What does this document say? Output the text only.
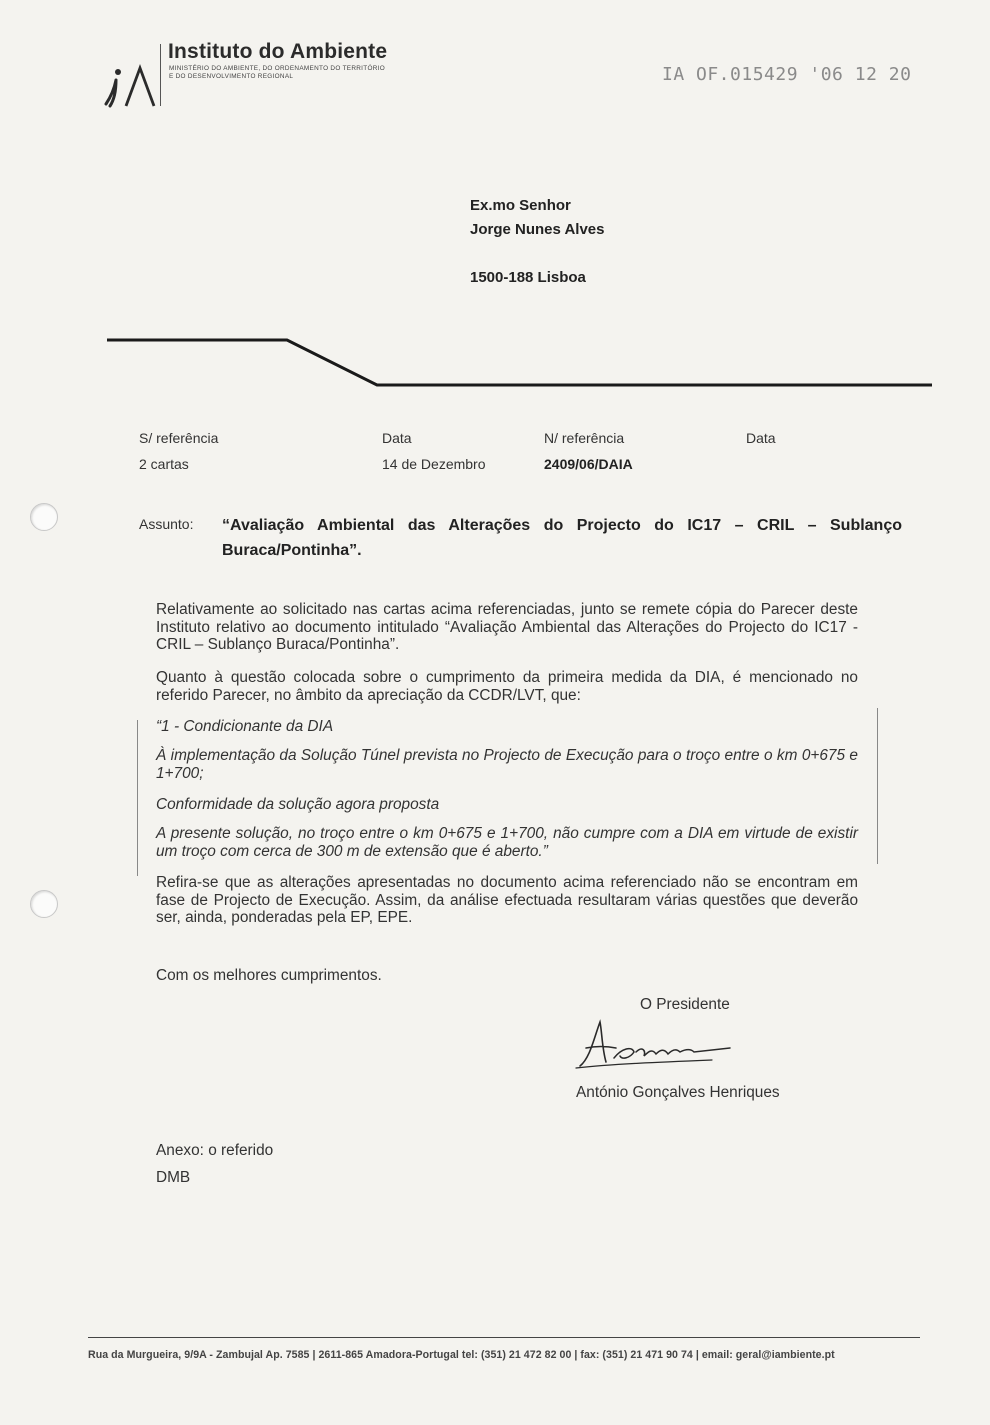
Instituto do Ambiente
MINISTÉRIO DO AMBIENTE, DO ORDENAMENTO DO TERRITÓRIO
E DO DESENVOLVIMENTO REGIONAL	IA OF.015429 '06 12 20
Ex.mo Senhor
Jorge Nunes Alves
1500-188 Lisboa
S/ referência
2 cartas
Data
14 de Dezembro
N/ referência
2409/06/DAIA
Data
Assunto: “Avaliação Ambiental das Alterações do Projecto do IC17 – CRIL – Sublanço Buraca/Pontinha”.
Relativamente ao solicitado nas cartas acima referenciadas, junto se remete cópia do Parecer deste Instituto relativo ao documento intitulado “Avaliação Ambiental das Alterações do Projecto do IC17 - CRIL – Sublanço Buraca/Pontinha”.
Quanto à questão colocada sobre o cumprimento da primeira medida da DIA, é mencionado no referido Parecer, no âmbito da apreciação da CCDR/LVT, que:
“1 - Condicionante da DIA
À implementação da Solução Túnel prevista no Projecto de Execução para o troço entre o km 0+675 e 1+700;
Conformidade da solução agora proposta
A presente solução, no troço entre o km 0+675 e 1+700, não cumpre com a DIA em virtude de existir um troço com cerca de 300 m de extensão que é aberto.”
Refira-se que as alterações apresentadas no documento acima referenciado não se encontram em fase de Projecto de Execução. Assim, da análise efectuada resultaram várias questões que deverão ser, ainda, ponderadas pela EP, EPE.
Com os melhores cumprimentos.
O Presidente
António Gonçalves Henriques
Anexo: o referido
DMB
Rua da Murgueira, 9/9A - Zambujal Ap. 7585 | 2611-865 Amadora-Portugal tel: (351) 21 472 82 00 | fax: (351) 21 471 90 74 | email: geral@iambiente.pt
